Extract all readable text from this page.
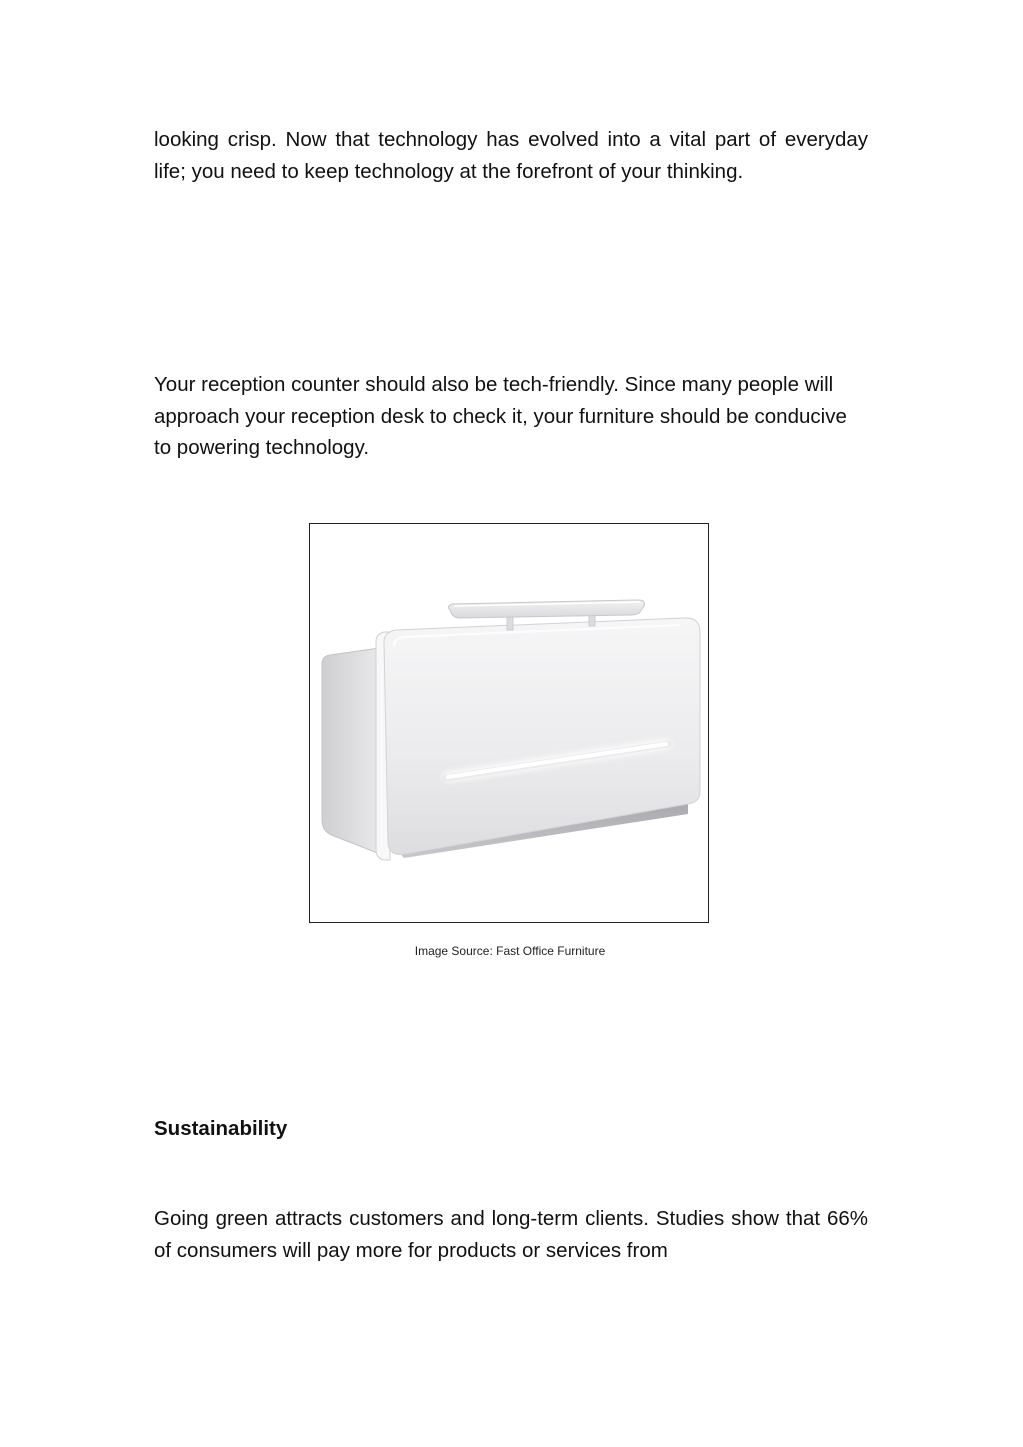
looking crisp. Now that technology has evolved into a vital part of everyday life; you need to keep technology at the forefront of your thinking.

Your reception counter should also be tech-friendly. Since many people will approach your reception desk to check it, your furniture should be conducive to powering technology.

Image Source: Fast Office Furniture
Sustainability

Going green attracts customers and long-term clients. Studies show that 66% of consumers will pay more for products or services from
